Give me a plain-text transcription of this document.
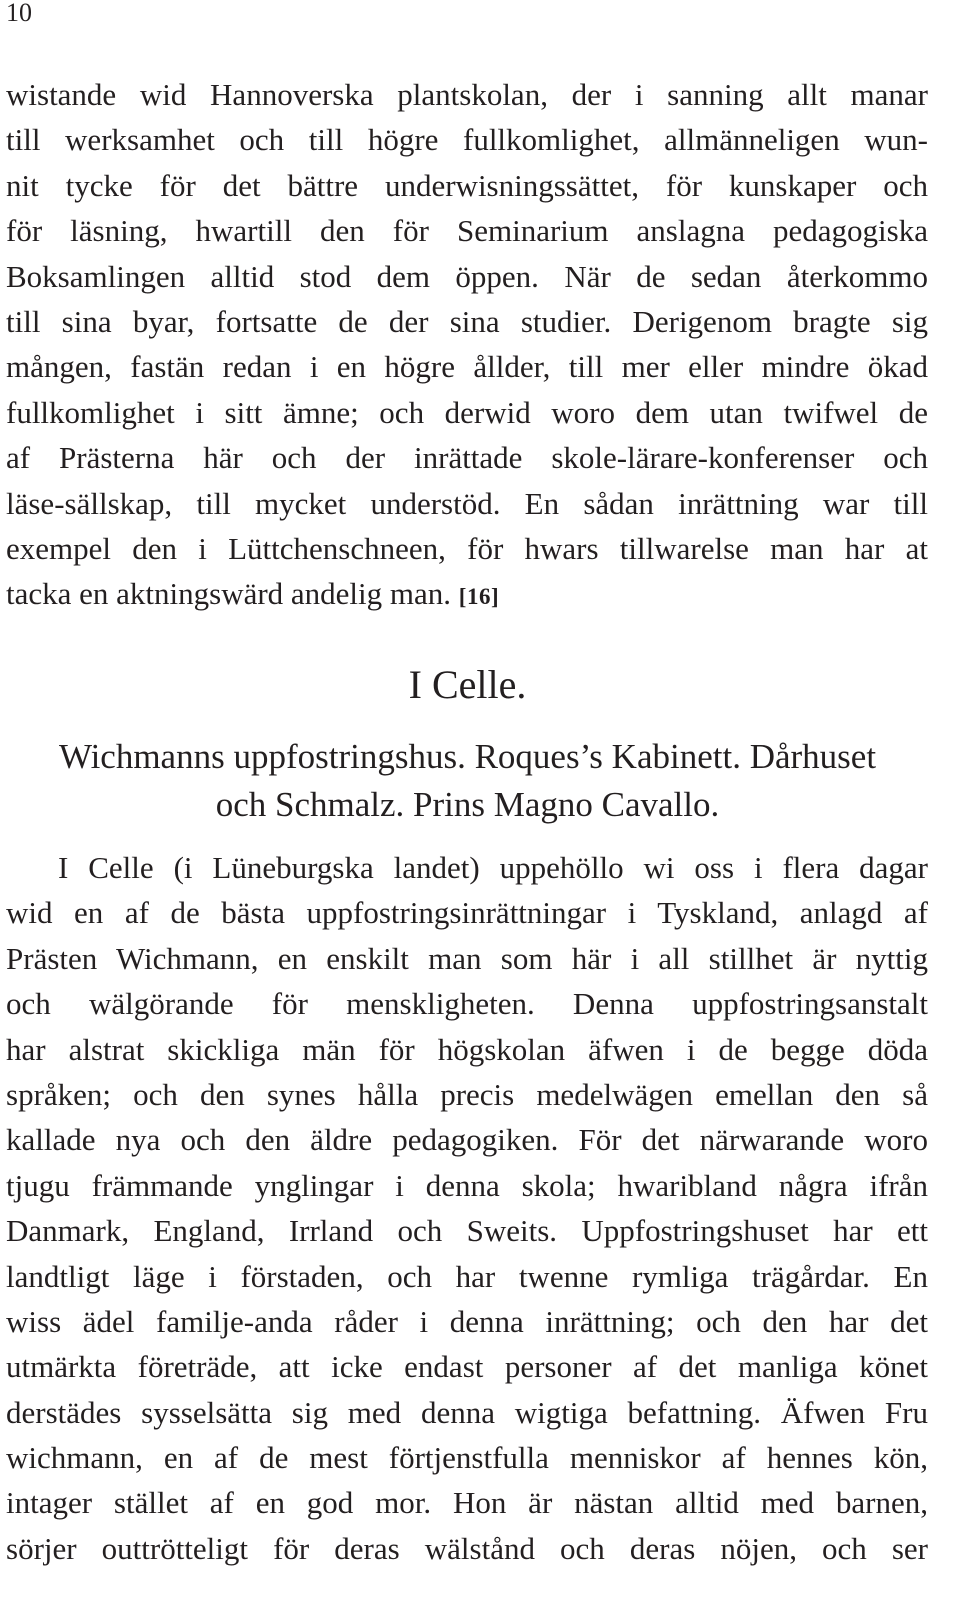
10
wistande wid Hannoverska plantskolan, der i sanning allt manar
till werksamhet och till högre fullkomlighet, allmänneligen wun-
nit tycke för det bättre underwisningssättet, för kunskaper och
för läsning, hwartill den för Seminarium anslagna pedagogiska
Boksamlingen alltid stod dem öppen. När de sedan återkommo
till sina byar, fortsatte de der sina studier. Derigenom bragte sig
mången, fastän redan i en högre ållder, till mer eller mindre ökad
fullkomlighet i sitt ämne; och derwid woro dem utan twifwel de
af Prästerna här och der inrättade skole-lärare-konferenser och
läse-sällskap, till mycket understöd. En sådan inrättning war till
exempel den i Lüttchenschneen, för hwars tillwarelse man har at
tacka en aktningswärd andelig man. [16]
I Celle.
Wichmanns uppfostringshus. Roques’s Kabinett. Dårhuset
och Schmalz. Prins Magno Cavallo.
I Celle (i Lüneburgska landet) uppehöllo wi oss i flera dagar
wid en af de bästa uppfostringsinrättningar i Tyskland, anlagd af
Prästen Wichmann, en enskilt man som här i all stillhet är nyttig
och wälgörande för menskligheten. Denna uppfostringsanstalt
har alstrat skickliga män för högskolan äfwen i de begge döda
språken; och den synes hålla precis medelwägen emellan den så
kallade nya och den äldre pedagogiken. För det närwarande woro
tjugu främmande ynglingar i denna skola; hwaribland några ifrån
Danmark, England, Irrland och Sweits. Uppfostringshuset har ett
landtligt läge i förstaden, och har twenne rymliga trägårdar. En
wiss ädel familje-anda råder i denna inrättning; och den har det
utmärkta företräde, att icke endast personer af det manliga könet
derstädes sysselsätta sig med denna wigtiga befattning. Äfwen Fru
wichmann, en af de mest förtjenstfulla menniskor af hennes kön,
intager stället af en god mor. Hon är nästan alltid med barnen,
sörjer outtrötteligt för deras wälstånd och deras nöjen, och ser
